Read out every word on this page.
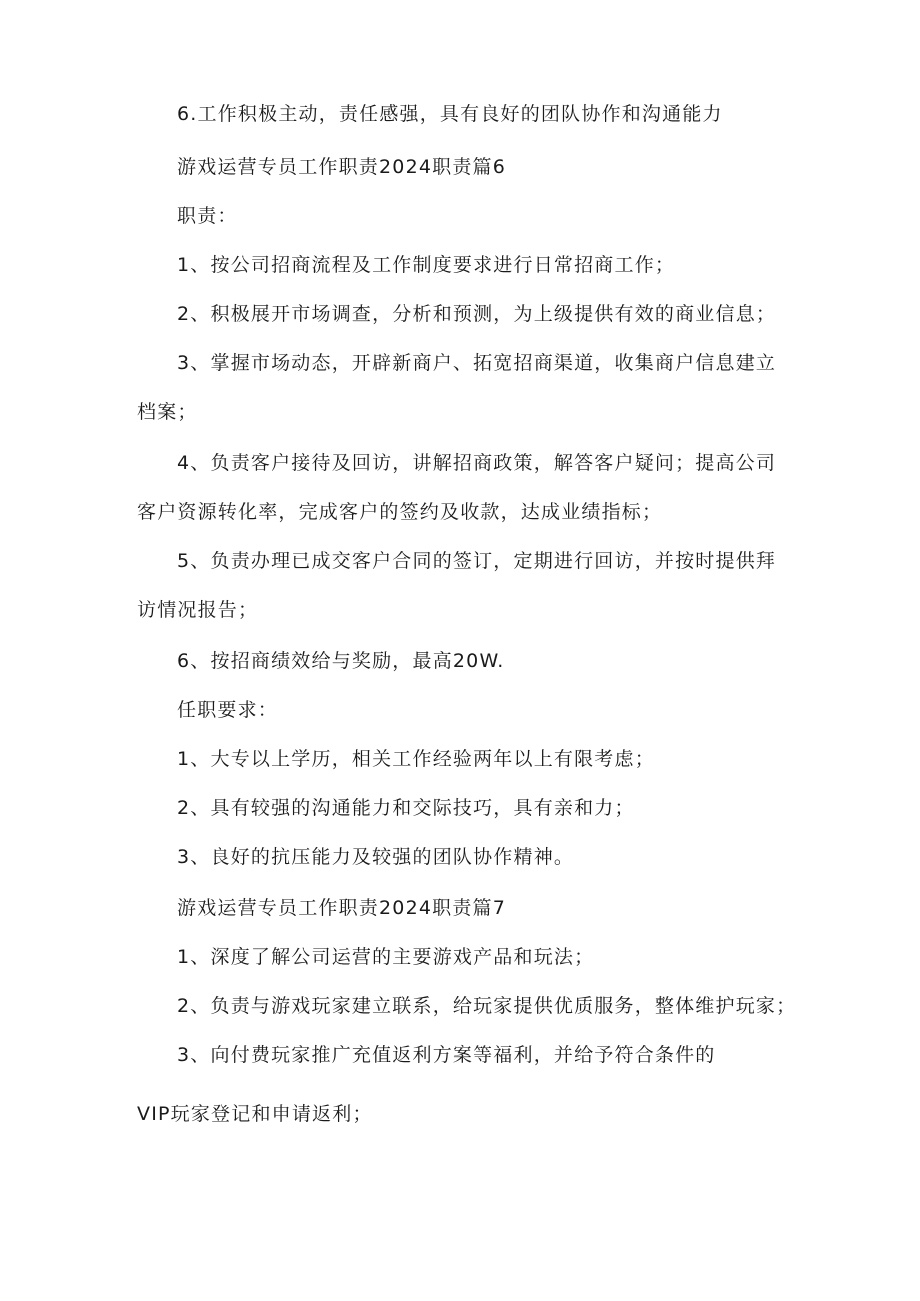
6.工作积极主动，责任感强，具有良好的团队协作和沟通能力
游戏运营专员工作职责2024职责篇6
职责：
1、按公司招商流程及工作制度要求进行日常招商工作；
2、积极展开市场调查，分析和预测，为上级提供有效的商业信息；
3、掌握市场动态，开辟新商户、拓宽招商渠道，收集商户信息建立
档案；
4、负责客户接待及回访，讲解招商政策，解答客户疑问；提高公司
客户资源转化率，完成客户的签约及收款，达成业绩指标；
5、负责办理已成交客户合同的签订，定期进行回访，并按时提供拜
访情况报告；
6、按招商绩效给与奖励，最高20W.
任职要求：
1、大专以上学历，相关工作经验两年以上有限考虑；
2、具有较强的沟通能力和交际技巧，具有亲和力；
3、良好的抗压能力及较强的团队协作精神。
游戏运营专员工作职责2024职责篇7
1、深度了解公司运营的主要游戏产品和玩法；
2、负责与游戏玩家建立联系，给玩家提供优质服务，整体维护玩家；
3、向付费玩家推广充值返利方案等福利，并给予符合条件的
VIP玩家登记和申请返利；
